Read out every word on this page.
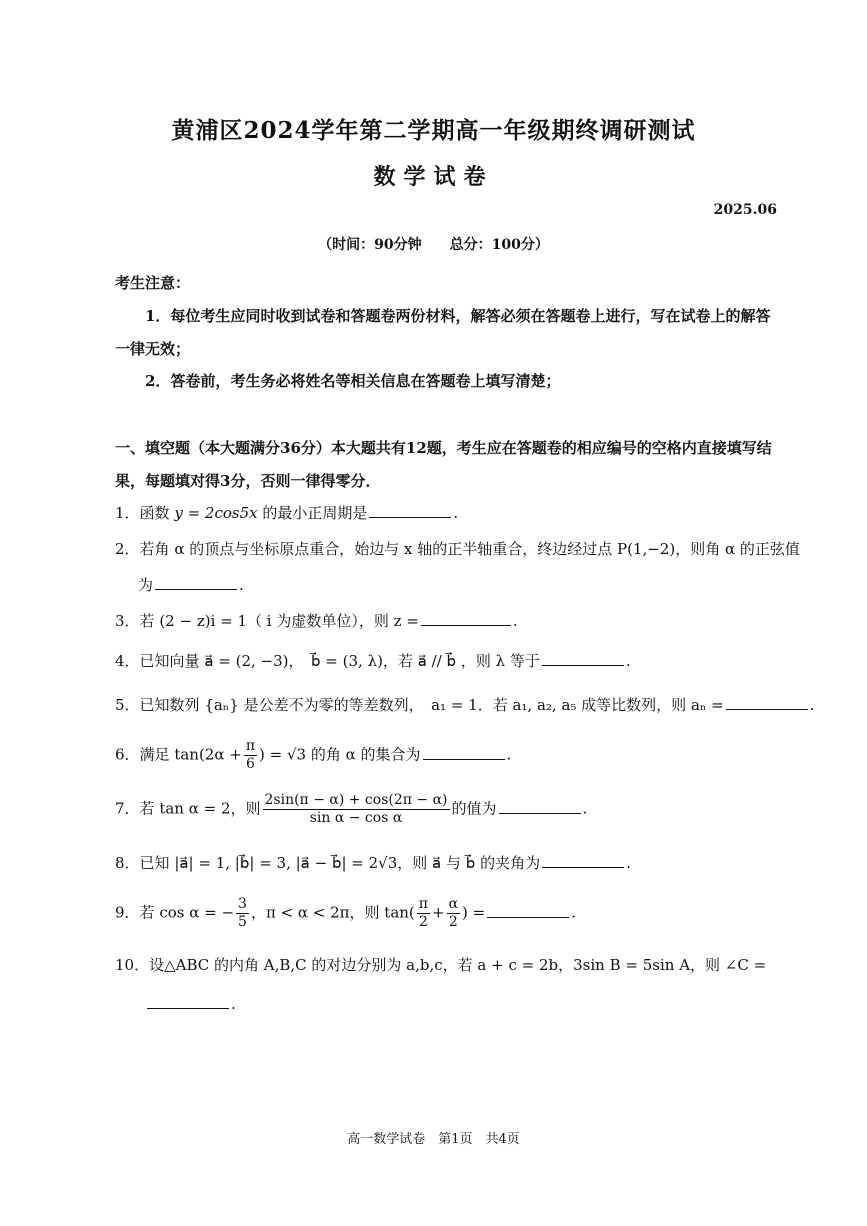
黄浦区2024学年第二学期高一年级期终调研测试
数学试卷
2025.06
（时间：90分钟　　总分：100分）
考生注意：
1．每位考生应同时收到试卷和答题卷两份材料，解答必须在答题卷上进行，写在试卷上的解答一律无效；
2．答卷前，考生务必将姓名等相关信息在答题卷上填写清楚；
一、填空题（本大题满分36分）本大题共有12题，考生应在答题卷的相应编号的空格内直接填写结果，每题填对得3分，否则一律得零分．
1．函数 y = 2cos5x 的最小正周期是	.
2．若角 α 的顶点与坐标原点重合，始边与 x 轴的正半轴重合，终边经过点 P(1,−2)，则角 α 的正弦值
为	.
3．若 (2 − z)i = 1（ i 为虚数单位），则 z =	.
4．已知向量 a⃗ = (2, −3)，　b⃗ = (3, λ)，若 a⃗ // b⃗ ，则 λ 等于	.
5．已知数列 {aₙ} 是公差不为零的等差数列，　a₁ = 1．若 a₁, a₂, a₅ 成等比数列，则 aₙ =	.
6．满足 $\tan(2\alpha + \frac{\pi}{6}$ ) = √3 的角 α 的集合为	.
7．若 tan α = 2，则 $\frac{2\sin(\pi - \alpha) + \cos(2\pi - \alpha)}{\text{sin α − cos α}}$ 的值为	.
8．已知 |a⃗| = 1, |b⃗| = 3, |a⃗ − b⃗| = 2√3，则 a⃗ 与 b⃗ 的夹角为	.
9．若 cos α = − $\frac{3}{5}$ ，π < α < 2π，则 $\tan( \frac{\pi}{2} + \frac{\alpha}{2}$ ) =	.
10．设△ABC 的内角 A,B,C 的对边分别为 a,b,c，若 a + c = 2b，3sin B = 5sin A，则 ∠C =
.
高一数学试卷　第1页　共4页
